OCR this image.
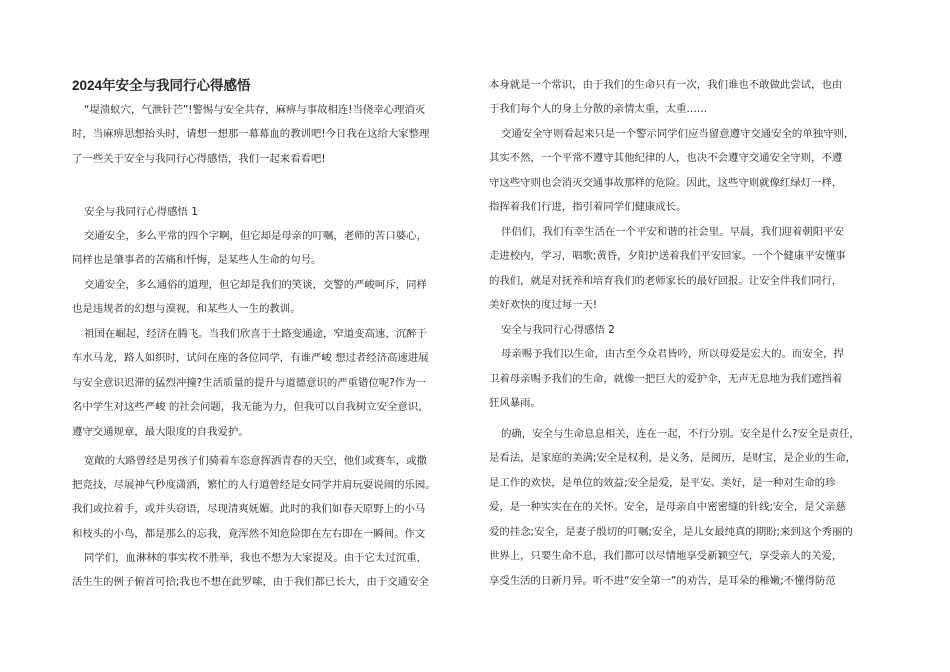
2024年安全与我同行心得感悟
“堤溃蚁穴，气泄针芒”!警惕与安全共存，麻痹与事故相连!当侥幸心理消灭
时，当麻痹思想抬头时，请想一想那一幕幕血的教训吧!今日我在这给大家整理
了一些关于安全与我同行心得感悟，我们一起来看看吧!
安全与我同行心得感悟 1
交通安全，多么平常的四个字啊，但它却是母亲的叮嘱，老师的苦口婆心，
同样也是肇事者的苦痛和忏悔，是某些人生命的句号。
交通安全，多么通俗的道理，但它却是我们的笑谈，交警的严峻呵斥，同样
也是违规者的幻想与漠视，和某些人一生的教训。
祖国在崛起，经济在腾飞。当我们欣喜于土路变通途，窄道变高速，沉醉于
车水马龙，路人如织时，试问在座的各位同学，有谁严峻 想过者经济高速进展
与安全意识迟滞的猛烈冲撞?生活质量的提升与道德意识的严重错位呢?作为一
名中学生对这些严峻 的社会问题，我无能为力，但我可以自我树立安全意识，
遵守交通规章，最大限度的自我爱护。
宽敞的大路曾经是男孩子们骑着车恣意挥洒青春的天空，他们或赛车，或撒
把竞技，尽展神气秒度潇洒，繁忙的人行道曾经是女同学并肩玩耍说闹的乐园。
我们或拉着手，或并头窃语，尽现清爽妩媚。此时的我们如春天原野上的小马
和枝头的小鸟，都是那么的忘我，竟浑然不知危险即在左右即在一瞬间。作文
同学们，血淋林的事实枚不胜举，我也不想为大家提及。由于它太过沉重，
活生生的例子俯首可拾;我也不想在此罗嗦，由于我们都已长大，由于交通安全
本身就是一个常识，由于我们的生命只有一次，我们谁也不敢做此尝试，也由
于我们每个人的身上分散的亲情太重，太重……
交通安全守则看起来只是一个警示同学们应当留意遵守交通安全的单独守则，
其实不然，一个平常不遵守其他纪律的人，也决不会遵守交通安全守则，不遵
守这些守则也会消灭交通事故那样的危险。因此，这些守则就像红绿灯一样，
指挥着我们行进，指引着同学们健康成长。
伴侣们，我们有幸生活在一个平安和谐的社会里。早晨，我们迎着朝阳平安
走进校内，学习，唱歌;黄昏，夕阳护送着我们平安回家。一个个健康平安懂事
的我们，就是对抚养和培育我们的老师家长的最好回报。让安全伴我们同行，
美好欢快的度过每一天!
安全与我同行心得感悟 2
母亲赐予我们以生命，由古至今众君皆吟，所以母爱是宏大的。而安全，捍
卫着母亲赐予我们的生命，就像一把巨大的爱护伞，无声无息地为我们遮挡着
狂风暴雨。
的确，安全与生命息息相关，连在一起，不行分别。安全是什么?安全是责任，
是看法，是家庭的美满;安全是权利，是义务，是阅历，是财宝，是企业的生命，
是工作的欢快，是单位的效益;安全是爱，是平安、美好，是一种对生命的珍
爱，是一种实实在在的关怀。安全，是母亲自中密密缝的针线;安全，是父亲慈
爱的挂念;安全，是妻子殷切的叮嘱;安全，是儿女最纯真的期盼;来到这个秀丽的
世界上，只要生命不息，我们都可以尽情地享受新颖空气，享受亲人的关爱，
享受生活的日新月异。听不进“安全第一”的劝告，是耳朵的稚嫩;不懂得防范
